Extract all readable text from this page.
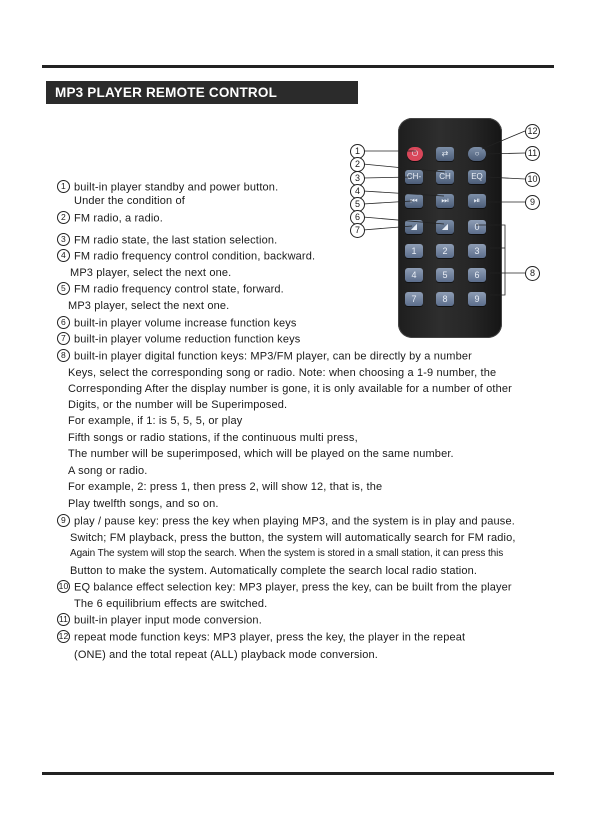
MP3 PLAYER REMOTE CONTROL FUNCTIONS
⏻	⇄	○
CH-	CH	EQ
⏮	⏭	⏯
◢	◢	0
1	2	3
4	5	6
7	8	9
1
2
3
4
5
6
7
8
9
10
11
12
1 built-in player standby and power button.
Under the condition of
2 FM radio, a radio.
3 FM radio state, the last station selection.
4 FM radio frequency control condition, backward.
MP3 player, select the next one.
5 FM radio frequency control state, forward.
MP3 player, select the next one.
6 built-in player volume increase function keys
7 built-in player volume reduction function keys
8 built-in player digital function keys: MP3/FM player, can be directly by a number
Keys, select the corresponding song or radio. Note: when choosing a 1-9 number, the
Corresponding After the display number is gone, it is only available for a number of other
Digits, or the number will be Superimposed.
For example, if 1: is 5, 5, 5, or play
Fifth songs or radio stations, if the continuous multi press,
The number will be superimposed, which will be played on the same number.
A song or radio.
For example, 2: press 1, then press 2, will show 12, that is, the
Play twelfth songs, and so on.
9 play / pause key: press the key when playing MP3, and the system is in play and pause.
Switch; FM playback, press the button, the system will automatically search for FM radio,
Again The system will stop the search. When the system is stored in a small station, it can press this
Button to make the system. Automatically complete the search local radio station.
10 EQ balance effect selection key: MP3 player, press the key, can be built from the player
The 6 equilibrium effects are switched.
11 built-in player input mode conversion.
12 repeat mode function keys: MP3 player, press the key, the player in the repeat
(ONE) and the total repeat (ALL) playback mode conversion.
